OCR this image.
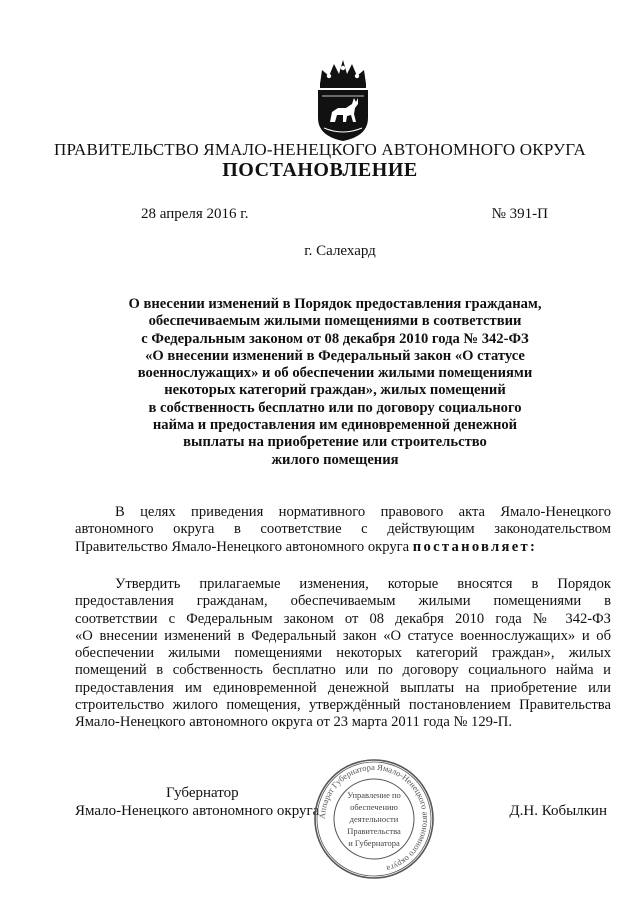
ПРАВИТЕЛЬСТВО ЯМАЛО-НЕНЕЦКОГО АВТОНОМНОГО ОКРУГА
ПОСТАНОВЛЕНИЕ
28 апреля 2016 г.	№ 391-П
г. Салехард
О внесении изменений в Порядок предоставления гражданам,
обеспечиваемым жилыми помещениями в соответствии
с Федеральным законом от 08 декабря 2010 года № 342-ФЗ
«О внесении изменений в Федеральный закон «О статусе
военнослужащих» и об обеспечении жилыми помещениями
некоторых категорий граждан», жилых помещений
в собственность бесплатно или по договору социального
найма и предоставления им единовременной денежной
выплаты на приобретение или строительство
жилого помещения
В целях приведения нормативного правового акта Ямало-Ненецкого
автономного округа в соответствие с действующим законодательством
Правительство Ямало-Ненецкого автономного округа постановляет:
Утвердить прилагаемые изменения, которые вносятся в Порядок
предоставления гражданам, обеспечиваемым жилыми помещениями в
соответствии с Федеральным законом от 08 декабря 2010 года № 342-ФЗ
«О внесении изменений в Федеральный закон «О статусе военнослужащих» и об
обеспечении жилыми помещениями некоторых категорий граждан», жилых
помещений в собственность бесплатно или по договору социального найма и
предоставления им единовременной денежной выплаты на приобретение или
строительство жилого помещения, утверждённый постановлением Правительства
Ямало-Ненецкого автономного округа от 23 марта 2011 года № 129-П.
Губернатор
Ямало-Ненецкого автономного округа	Д.Н. Кобылкин
Аппарат Губернатора Ямало-Ненецкого автономного округа
Управление по
обеспечению
деятельности
Правительства
и Губернатора
